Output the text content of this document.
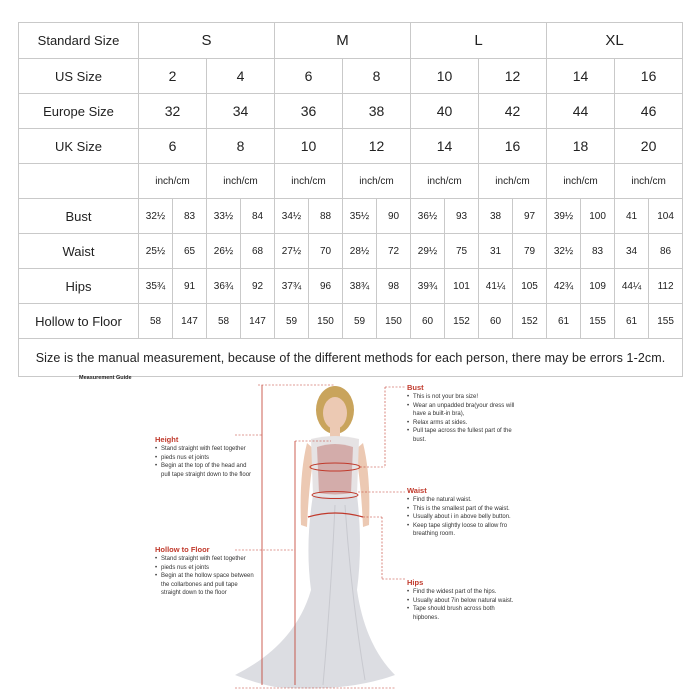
Standard Size	S				M				L				XL			
US Size	2		4		6		8		10		12		14		16	
Europe Size	32		34		36		38		40		42		44		46	
UK Size	6		8		10		12		14		16		18		20	
	inch/cm		inch/cm		inch/cm		inch/cm		inch/cm		inch/cm		inch/cm		inch/cm	
Bust	32½	83	33½	84	34½	88	35½	90	36½	93	38	97	39½	100	41	104
Waist	25½	65	26½	68	27½	70	28½	72	29½	75	31	79	32½	83	34	86
Hips	35¾	91	36¾	92	37¾	96	38¾	98	39¾	101	41¼	105	42¾	109	44¼	112
Hollow to Floor	58	147	58	147	59	150	59	150	60	152	60	152	61	155	61	155
Size is the manual measurement, because of the different methods for each person, there may be errors 1-2cm.																
Measurement Guide
Height
• Stand straight with feet together
• pieds nus et joints
• Begin at the top of the head and pull tape straight down to the floor
Hollow to Floor
• Stand straight with feet together
• pieds nus et joints
• Begin at the hollow space between the collarbones and pull tape straight down to the floor
Bust
• This is not your bra size!
• Wear an unpadded bra(your dress will have a built-in bra),
• Relax arms at sides.
• Pull tape across the fullest part of the bust.
Waist
• Find the natural waist.
• This is the smallest part of the waist.
• Usually about i in above belly button.
• Keep tape slightly loose to allow fro breathing room.
Hips
• Find the widest part of the hips.
• Usually about 7in below natural waist.
• Tape should brush across both hipbones.
